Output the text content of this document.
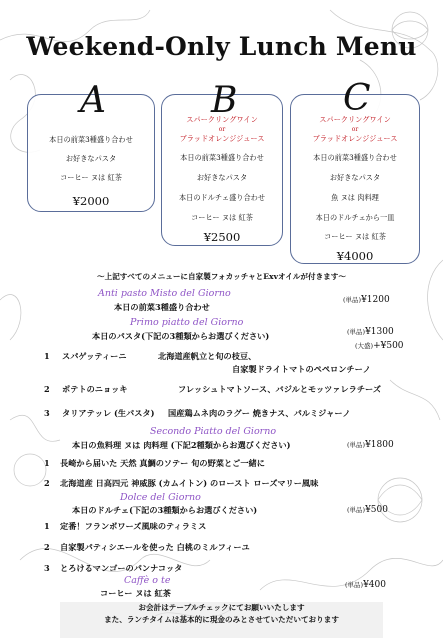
Weekend-Only Lunch Menu
A
本日の前菜3種盛り合わせ
お好きなパスタ
コーヒー ヌは 紅茶
¥2000
B
スパークリングワイン
or
ブラッドオレンジジュース
本日の前菜3種盛り合わせ
お好きなパスタ
本日のドルチェ盛り合わせ
コーヒー ヌは 紅茶
¥2500
C
スパークリングワイン
or
ブラッドオレンジジュース
本日の前菜3種盛り合わせ
お好きなパスタ
魚 ヌは 肉料理
本日のドルチェから一皿
コーヒー ヌは 紅茶
¥4000
〜上記すべてのメニューに自家製フォカッチャとExvオイルが付きます〜
Anti pasto Misto del Giorno
本日の前菜3種盛り合わせ
(単品)¥1200
Primo piatto del Giorno
本日のパスタ(下記の3種類からお選びください)	(単品)¥1300
(大盛)+¥500
1 スパゲッティーニ	北海道産帆立と旬の枝豆、
自家製ドライトマトのペペロンチーノ
2 ポテトのニョッキ	フレッシュトマトソース、バジルとモッツァレラチーズ
3 タリアテッレ (生パスタ) 国産鶏ムネ肉のラグー 焼きナス、パルミジャーノ
Secondo Piatto del Giorno
本日の魚料理 ヌは 肉料理 (下記2種類からお選びください)	(単品)¥1800
1 長崎から届いた 天然 真鯛のソテー 旬の野菜とご一緒に
2 北海道産 日高四元 神威豚 (カムイトン) のロースト ローズマリー風味
Dolce del Giorno
本日のドルチェ(下記の3種類からお選びください)	(単品)¥500
1 定番！フランボワーズ風味のティラミス
2 自家製パティシエールを使った 白桃のミルフィーユ
3 とろけるマンゴーのパンナコッタ
Caffè o te
コーヒー ヌは 紅茶
(単品)¥400
お会計はテーブルチェックにてお願いいたします
また、ランチタイムは基本的に現金のみとさせていただいております
